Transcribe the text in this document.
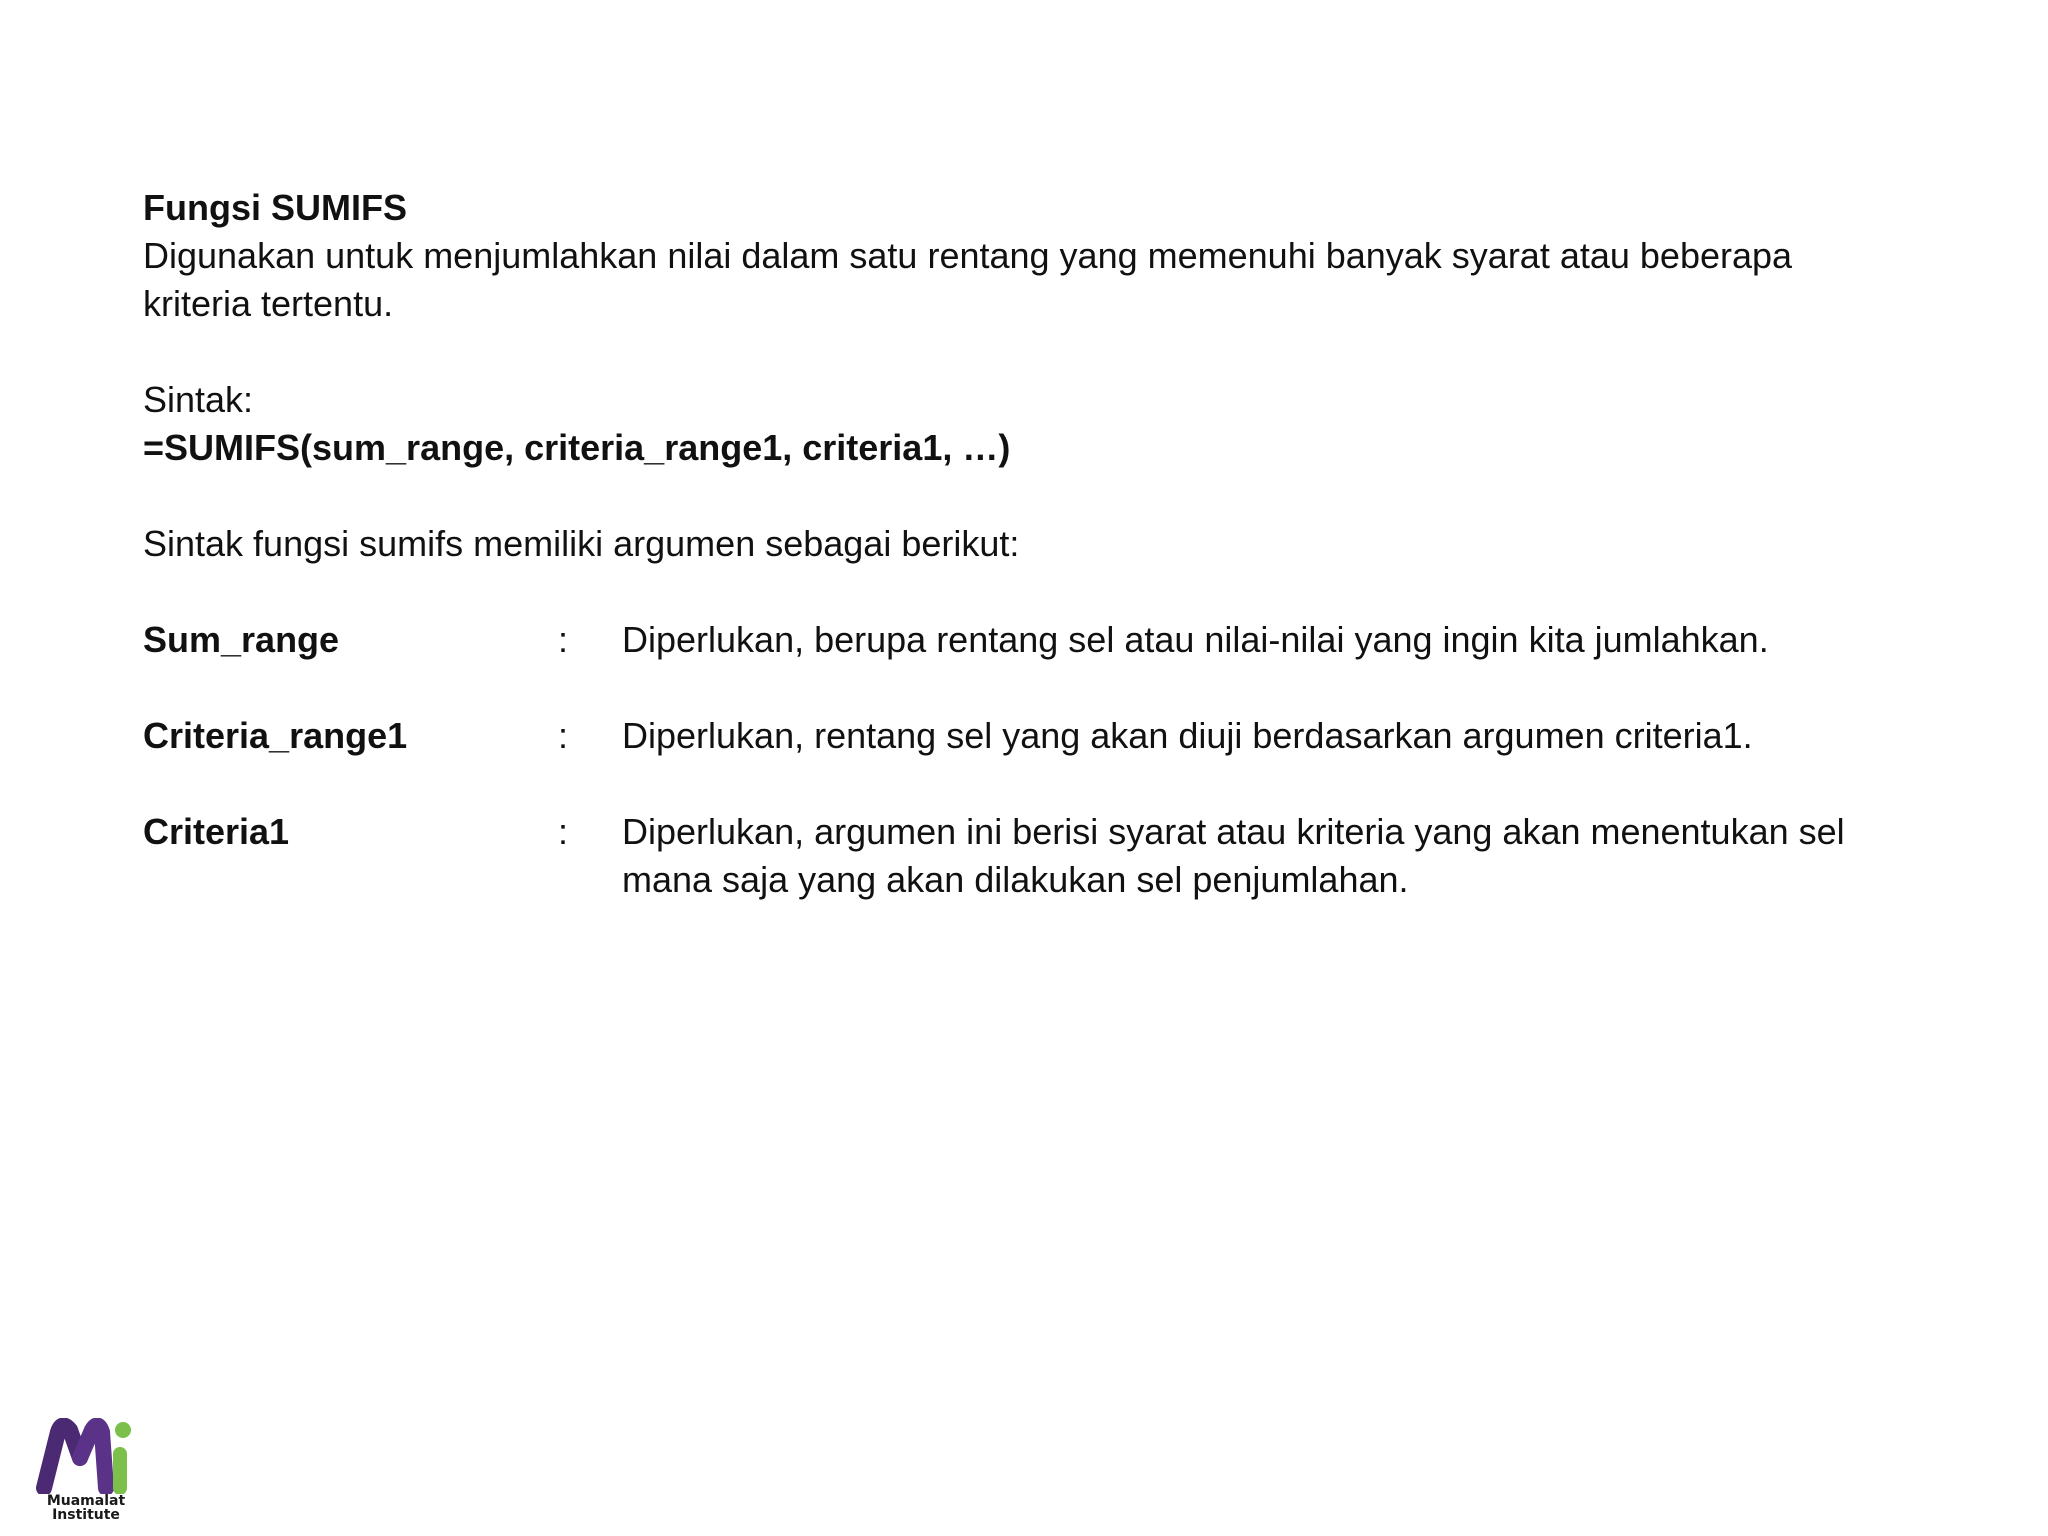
Fungsi SUMIFS
Digunakan untuk menjumlahkan nilai dalam satu rentang yang memenuhi banyak syarat atau beberapa kriteria tertentu.
Sintak:
=SUMIFS(sum_range, criteria_range1, criteria1, …)
Sintak fungsi sumifs memiliki argumen sebagai berikut:
Sum_range	:	Diperlukan, berupa rentang sel atau nilai-nilai yang ingin kita jumlahkan.
Criteria_range1	:	Diperlukan, rentang sel yang akan diuji berdasarkan argumen criteria1.
Criteria1	:	Diperlukan, argumen ini berisi syarat atau kriteria yang akan menentukan sel mana saja yang akan dilakukan sel penjumlahan.
Muamalat
Institute
